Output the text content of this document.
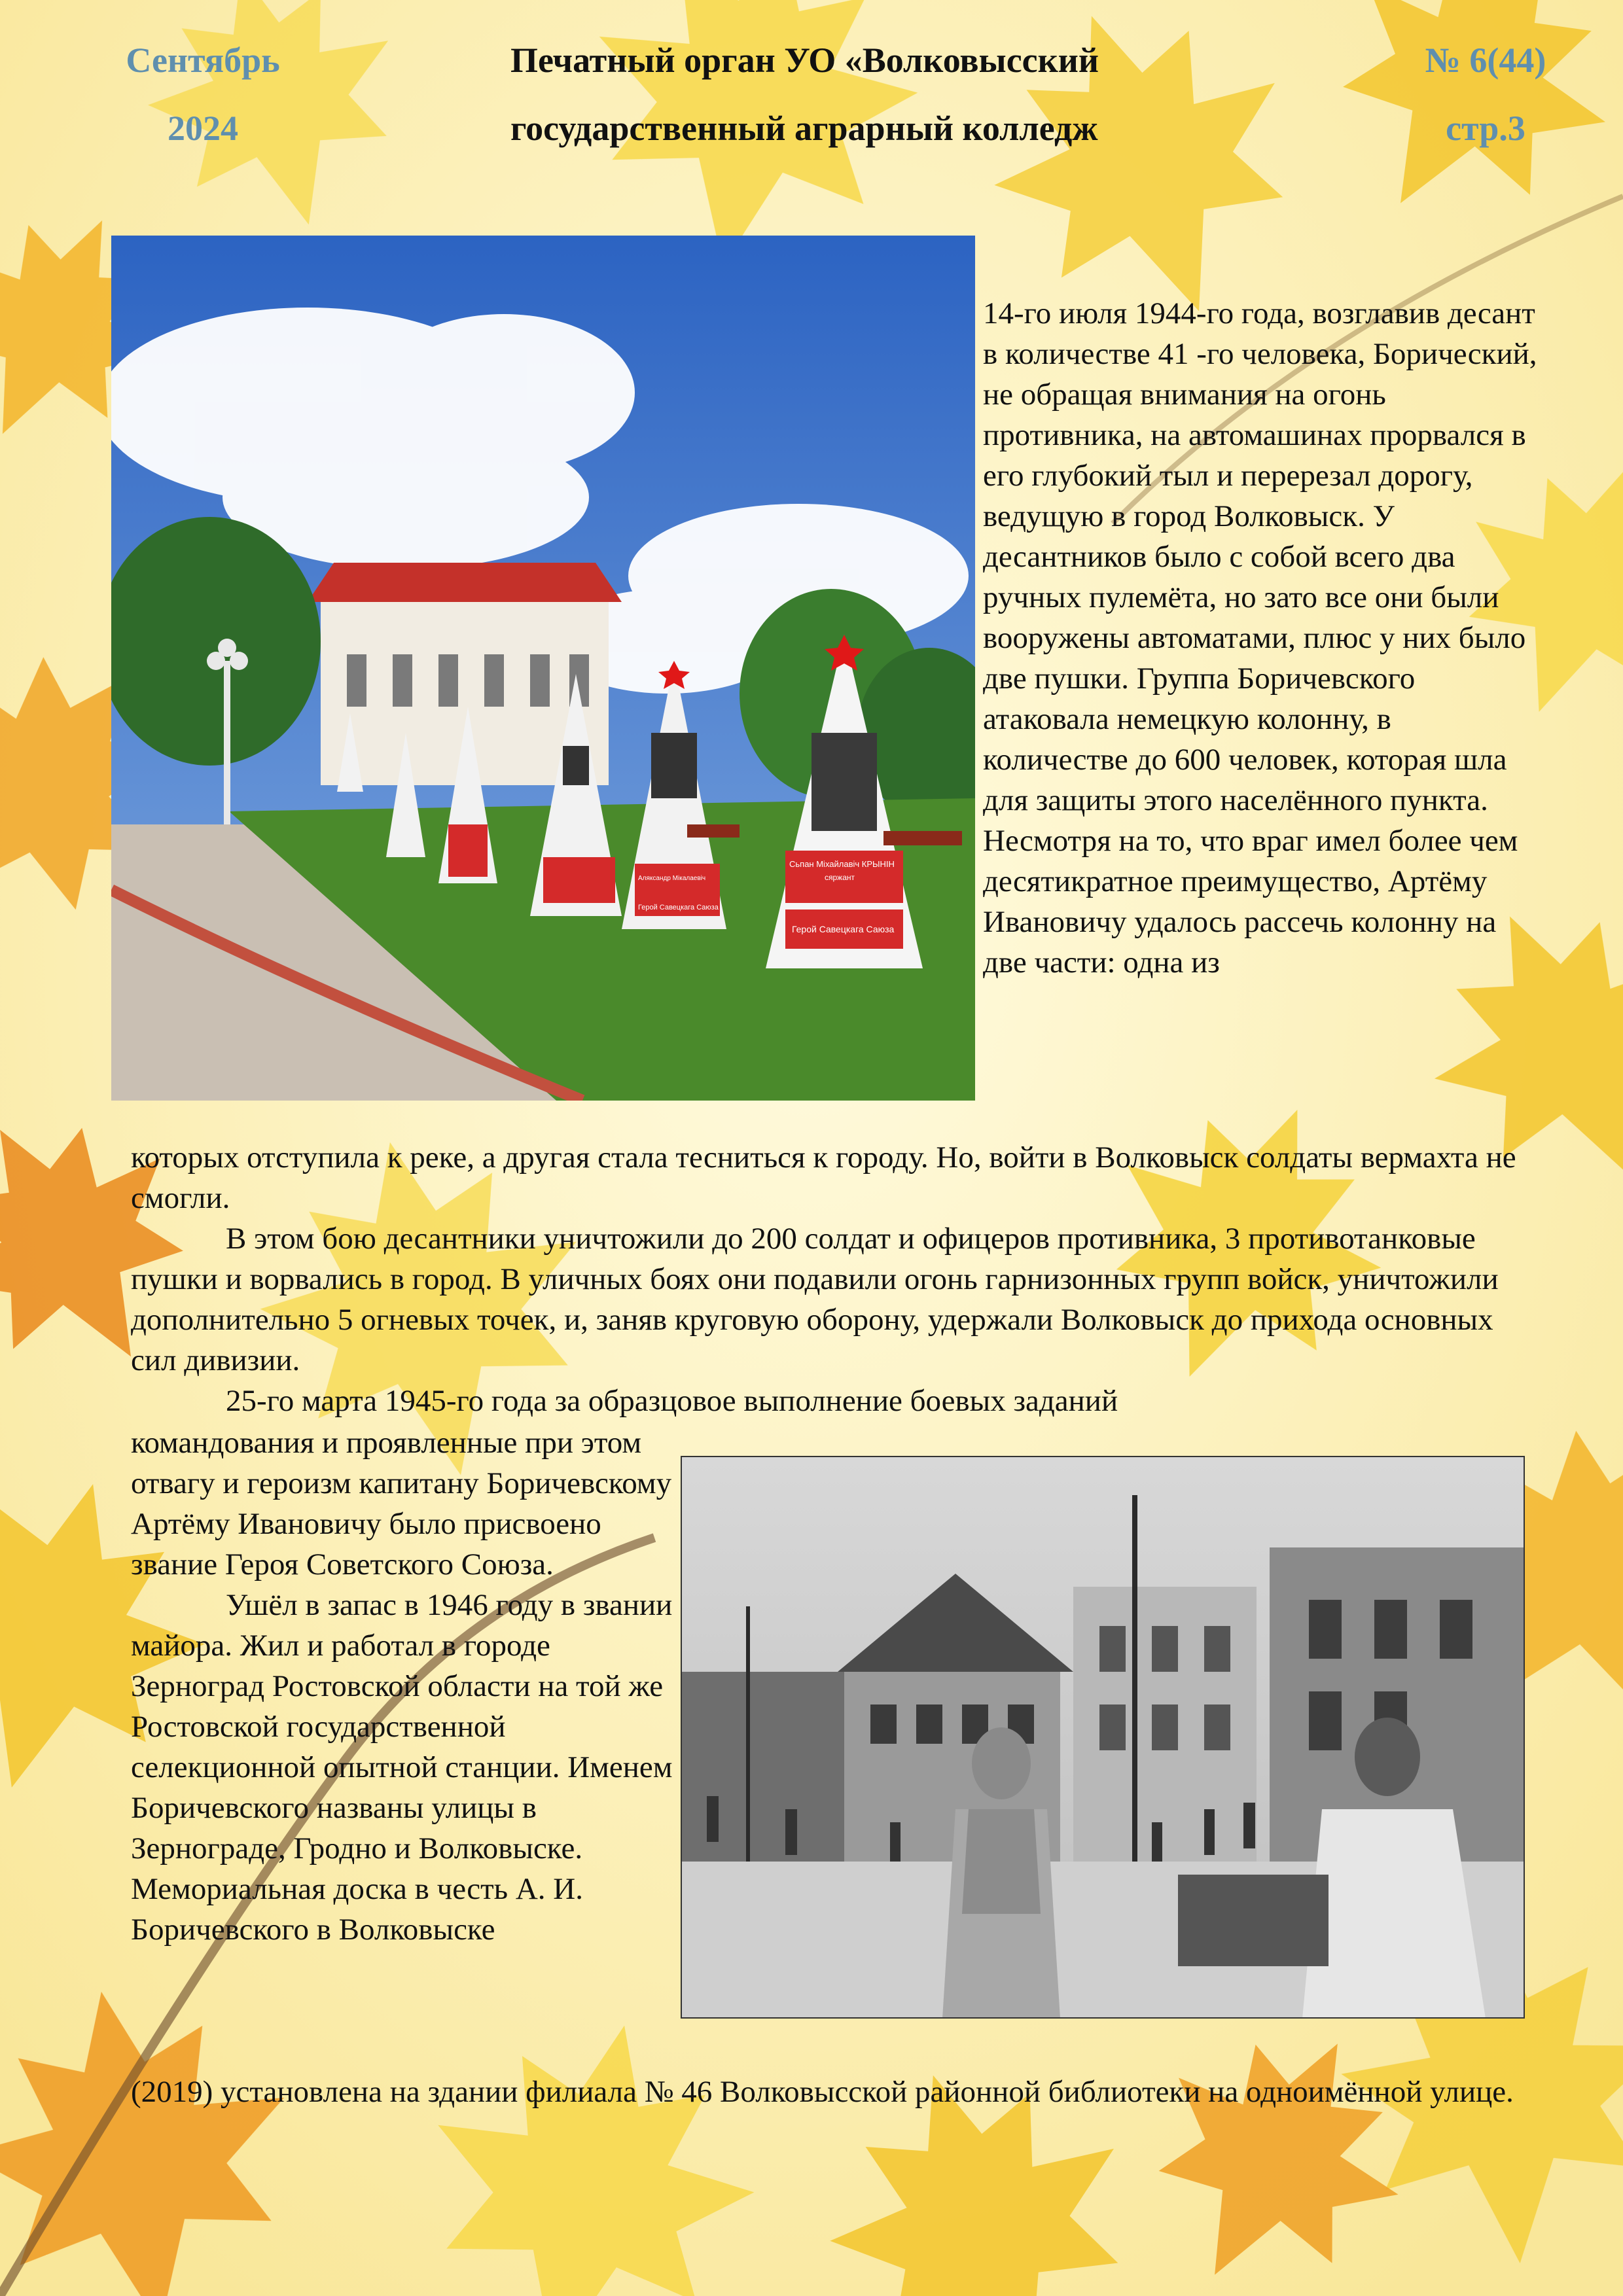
Сентябрь
2024
Печатный орган УО «Волковысский
государственный аграрный колледж
№ 6(44)
стр.3
Сьпан Міхайлавіч КРЫНІН
сяржант
Герой Савецкага Саюза
Аляксандр Мікалаевіч
Герой Савецкага Саюза
14-го июля 1944-го года, возглавив десант в количестве 41 -го человека, Борический, не обращая внимания на огонь противника, на автомашинах прорвался в его глубокий тыл и перерезал дорогу, ведущую в город Волковыск. У десантников было с собой всего два ручных пулемёта, но зато все они были вооружены автоматами, плюс у них было две пушки. Группа Боричевского атаковала немецкую колонну, в количестве до 600 человек, которая шла для защиты этого населённого пункта. Несмотря на то, что враг имел более чем десятикратное преимущество, Артёму Ивановичу удалось рассечь колонну на две части: одна из

которых отступила к реке, а другая стала тесниться к городу. Но, войти в Волковыск солдаты вермахта не смогли.

В этом бою десантники уничтожили до 200 солдат и офицеров противника, 3 противотанковые пушки и ворвались в город. В уличных боях они подавили огонь гарнизонных групп войск, уничтожили дополнительно 5 огневых точек, и, заняв круговую оборону, удержали Волковыск до прихода основных сил дивизии.

25-го марта 1945-го года за образцовое выполнение боевых заданий

командования и проявленные при этом отвагу и героизм капитану Боричевскому Артёму Ивановичу было присвоено звание Героя Советского Союза.

Ушёл в запас в 1946 году в звании майора. Жил и работал в городе Зерноград Ростовской области на той же Ростовской государственной селекционной опытной станции. Именем Боричевского названы улицы в Зернограде, Гродно и Волковыске. Мемориальная доска в честь А. И. Боричевского в Волковыске

(2019) установлена на здании филиала № 46 Волковысской районной библиотеки на одноимённой улице.
